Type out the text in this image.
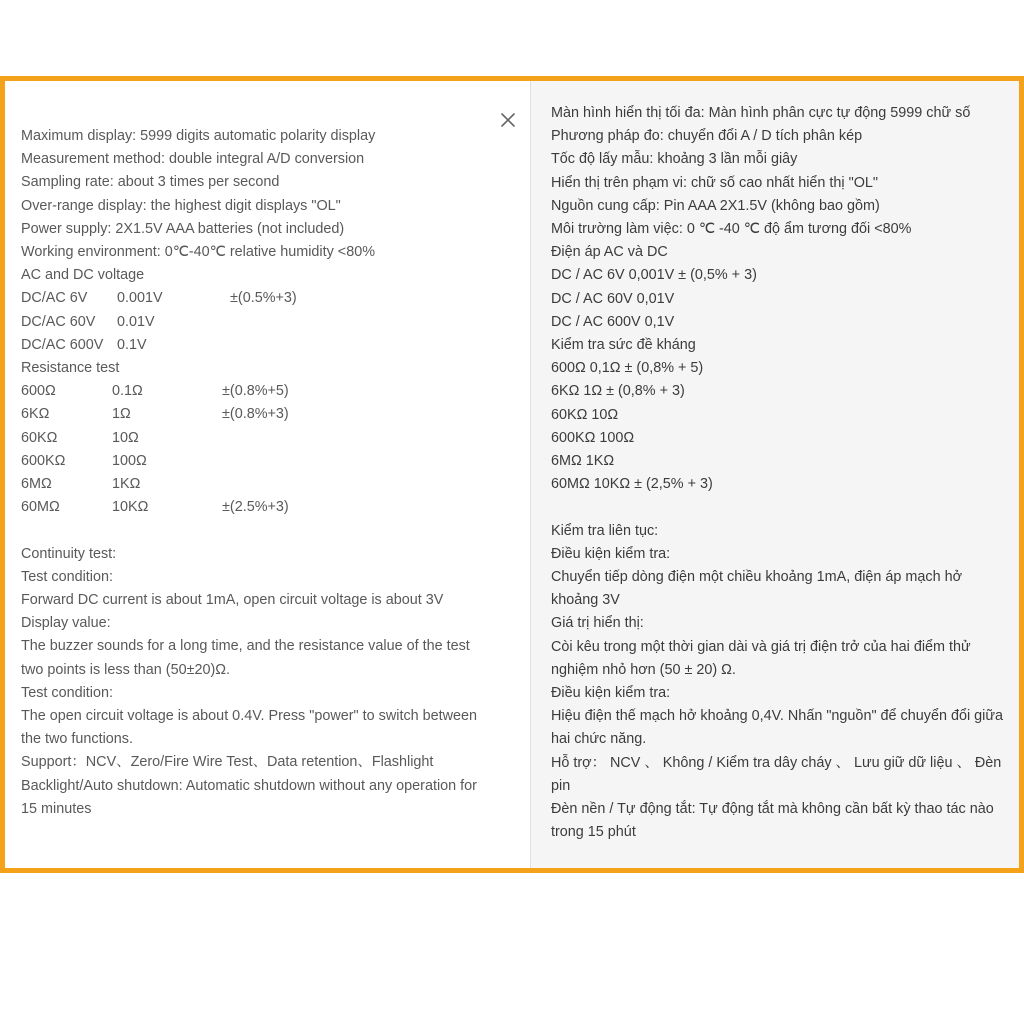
Maximum display: 5999 digits automatic polarity display
Measurement method: double integral A/D conversion
Sampling rate: about 3 times per second
Over-range display: the highest digit displays "OL"
Power supply: 2X1.5V AAA batteries (not included)
Working environment: 0℃-40℃ relative humidity <80%
AC and DC voltage
DC/AC 6V 0.001V	±(0.5%+3)
DC/AC 60V 0.01V
DC/AC 600V 0.1V
Resistance test
600Ω	0.1Ω	±(0.8%+5)
6KΩ	1Ω	±(0.8%+3)
60KΩ	10Ω
600KΩ	100Ω
6MΩ	1KΩ
60MΩ	10KΩ	±(2.5%+3)
Continuity test:
Test condition:
Forward DC current is about 1mA, open circuit voltage is about 3V
Display value:
The buzzer sounds for a long time, and the resistance value of the test two points is less than (50±20)Ω.
Test condition:
The open circuit voltage is about 0.4V. Press "power" to switch between the two functions.
Support：NCV、Zero/Fire Wire Test、Data retention、Flashlight
Backlight/Auto shutdown: Automatic shutdown without any operation for 15 minutes
Màn hình hiển thị tối đa: Màn hình phân cực tự động 5999 chữ số
Phương pháp đo: chuyển đổi A / D tích phân kép
Tốc độ lấy mẫu: khoảng 3 lần mỗi giây
Hiển thị trên phạm vi: chữ số cao nhất hiển thị "OL"
Nguồn cung cấp: Pin AAA 2X1.5V (không bao gồm)
Môi trường làm việc: 0 ℃ -40 ℃ độ ẩm tương đối <80%
Điện áp AC và DC
DC / AC 6V 0,001V ± (0,5% + 3)
DC / AC 60V 0,01V
DC / AC 600V 0,1V
Kiểm tra sức đề kháng
600Ω 0,1Ω ± (0,8% + 5)
6KΩ 1Ω ± (0,8% + 3)
60KΩ 10Ω
600KΩ 100Ω
6MΩ 1KΩ
60MΩ 10KΩ ± (2,5% + 3)
Kiểm tra liên tục:
Điều kiện kiểm tra:
Chuyển tiếp dòng điện một chiều khoảng 1mA, điện áp mạch hở khoảng 3V
Giá trị hiển thị:
Còi kêu trong một thời gian dài và giá trị điện trở của hai điểm thử nghiệm nhỏ hơn (50 ± 20) Ω.
Điều kiện kiểm tra:
Hiệu điện thế mạch hở khoảng 0,4V. Nhấn "nguồn" để chuyển đổi giữa hai chức năng.
Hỗ trợ： NCV 、 Không / Kiểm tra dây cháy 、 Lưu giữ dữ liệu 、 Đèn pin
Đèn nền / Tự động tắt: Tự động tắt mà không cần bất kỳ thao tác nào trong 15 phút
